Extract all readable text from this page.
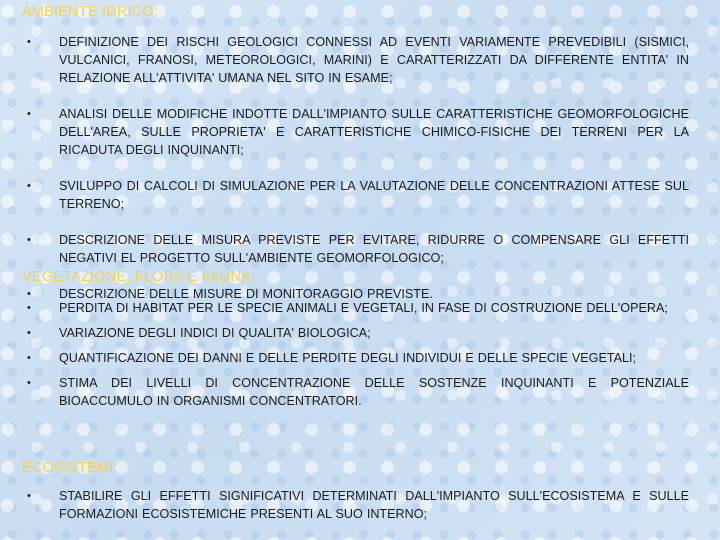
AMBIENTE IDRICO:
•	DEFINIZIONE DEI RISCHI GEOLOGICI CONNESSI AD EVENTI VARIAMENTE PREVEDIBILI (SISMICI, VULCANICI, FRANOSI, METEOROLOGICI, MARINI) E CARATTERIZZATI DA DIFFERENTE ENTITA' IN RELAZIONE ALL'ATTIVITA' UMANA NEL SITO IN ESAME;
•	ANALISI DELLE MODIFICHE INDOTTE DALL'IMPIANTO SULLE CARATTERISTICHE GEOMORFOLOGICHE DELL'AREA, SULLE PROPRIETA' E CARATTERISTICHE CHIMICO-FISICHE DEI TERRENI PER LA RICADUTA DEGLI INQUINANTI;
•	SVILUPPO DI CALCOLI DI SIMULAZIONE PER LA VALUTAZIONE DELLE CONCENTRAZIONI ATTESE SUL TERRENO;
•	DESCRIZIONE DELLE MISURA PREVISTE PER EVITARE, RIDURRE O COMPENSARE GLI EFFETTI NEGATIVI EL PROGETTO SULL'AMBIENTE GEOMORFOLOGICO;
•	DESCRIZIONE DELLE MISURE DI MONITORAGGIO PREVISTE.
VEGETAZIONE, FLORA E FAUNA:
•	PERDITA DI HABITAT PER LE SPECIE ANIMALI E VEGETALI, IN FASE DI COSTRUZIONE DELL'OPERA;
•	VARIAZIONE DEGLI INDICI DI QUALITA' BIOLOGICA;
•	QUANTIFICAZIONE DEI DANNI E DELLE PERDITE DEGLI INDIVIDUI E DELLE SPECIE VEGETALI;
•	STIMA DEI LIVELLI DI CONCENTRAZIONE DELLE SOSTENZE INQUINANTI E POTENZIALE BIOACCUMULO IN ORGANISMI CONCENTRATORI.
ECOSISTEMI:
•	STABILIRE GLI EFFETTI SIGNIFICATIVI DETERMINATI DALL'IMPIANTO SULL'ECOSISTEMA E SULLE FORMAZIONI ECOSISTEMICHE PRESENTI AL SUO INTERNO;
